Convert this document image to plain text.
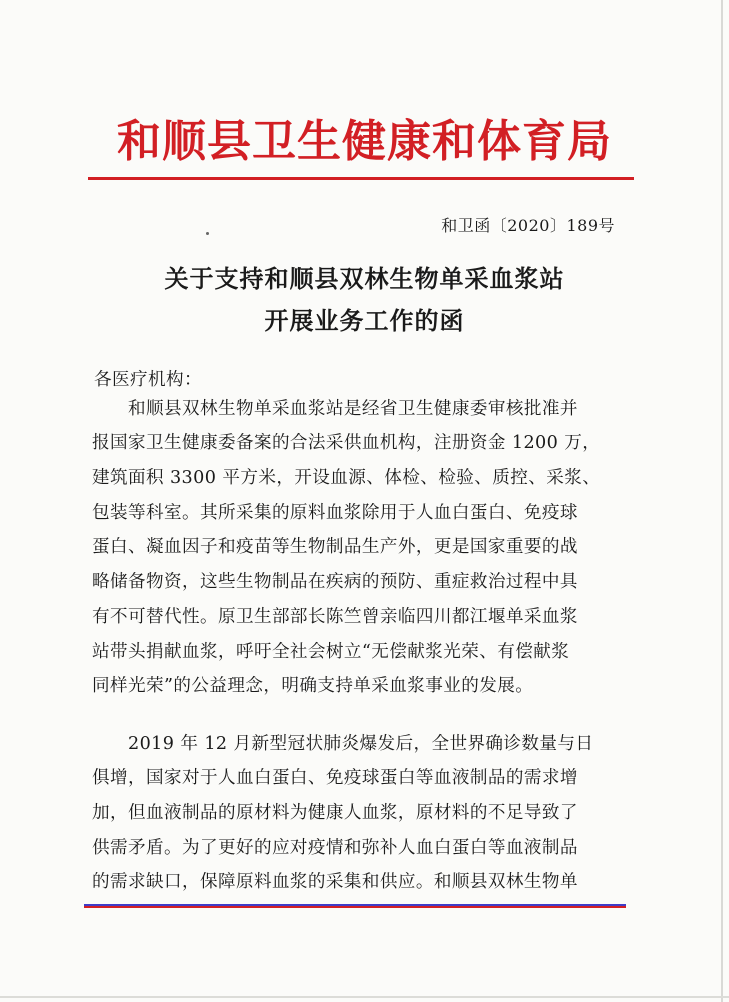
和顺县卫生健康和体育局
和卫函〔2020〕189号
关于支持和顺县双林生物单采血浆站
开展业务工作的函
各医疗机构：
　　和顺县双林生物单采血浆站是经省卫生健康委审核批准并
报国家卫生健康委备案的合法采供血机构，注册资金 1200 万，
建筑面积 3300 平方米，开设血源、体检、检验、质控、采浆、
包装等科室。其所采集的原料血浆除用于人血白蛋白、免疫球
蛋白、凝血因子和疫苗等生物制品生产外，更是国家重要的战
略储备物资，这些生物制品在疾病的预防、重症救治过程中具
有不可替代性。原卫生部部长陈竺曾亲临四川都江堰单采血浆
站带头捐献血浆，呼吁全社会树立“无偿献浆光荣、有偿献浆
同样光荣”的公益理念，明确支持单采血浆事业的发展。
　　2019 年 12 月新型冠状肺炎爆发后，全世界确诊数量与日
俱增，国家对于人血白蛋白、免疫球蛋白等血液制品的需求增
加，但血液制品的原材料为健康人血浆，原材料的不足导致了
供需矛盾。为了更好的应对疫情和弥补人血白蛋白等血液制品
的需求缺口，保障原料血浆的采集和供应。和顺县双林生物单
